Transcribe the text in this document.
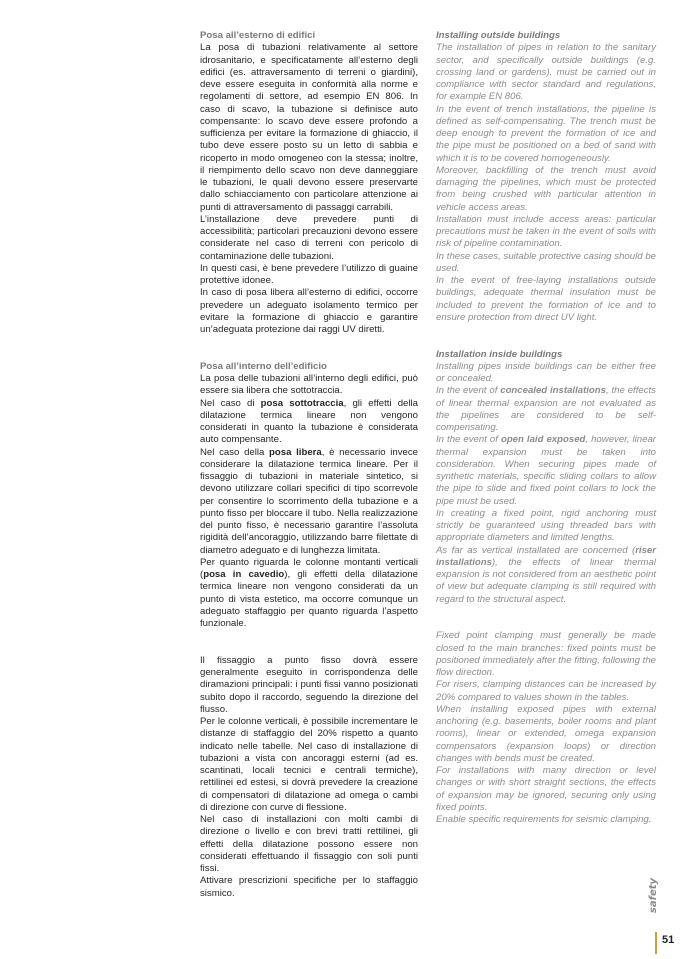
Posa all’esterno di edifici

La posa di tubazioni relativamente al settore idrosanitario, e specificatamente all’esterno degli edifici (es. attraversamento di terreni o giardini), deve essere eseguita in conformità alla norme e regolamenti di settore, ad esempio EN 806. In caso di scavo, la tubazione si definisce auto compensante: lo scavo deve essere profondo a sufficienza per evitare la formazione di ghiaccio, il tubo deve essere posto su un letto di sabbia e ricoperto in modo omogeneo con la stessa; inoltre, il riempimento dello scavo non deve danneggiare le tubazioni, le quali devono essere preservarte dallo schiacciamento con particolare attenzione ai punti di attraversamento di passaggi carrabili.

L’installazione deve prevedere punti di accessibilità; particolari precauzioni devono essere considerate nel caso di terreni con pericolo di contaminazione delle tubazioni.

In questi casi, è bene prevedere l’utilizzo di guaine protettive idonee.

In caso di posa libera all’esterno di edifici, occorre prevedere un adeguato isolamento termico per evitare la formazione di ghiaccio e garantire un’adeguata protezione dai raggi UV diretti.

Posa all’interno dell’edificio

La posa delle tubazioni all’interno degli edifici, può essere sia libera che sottotraccia.

Nel caso di posa sottotraccia, gli effetti della dilatazione termica lineare non vengono considerati in quanto la tubazione è considerata auto compensante.

Nel caso della posa libera, è necessario invece considerare la dilatazione termica lineare. Per il fissaggio di tubazioni in materiale sintetico, si devono utilizzare collari specifici di tipo scorrevole per consentire lo scorrimento della tubazione e a punto fisso per bloccare il tubo. Nella realizzazione del punto fisso, è necessario garantire l’assoluta rigidità dell’ancoraggio, utilizzando barre filettate di diametro adeguato e di lunghezza limitata.

Per quanto riguarda le colonne montanti verticali (posa in cavedio), gli effetti della dilatazione termica lineare non vengono considerati da un punto di vista estetico, ma occorre comunque un adeguato staffaggio per quanto riguarda l’aspetto funzionale.

Il fissaggio a punto fisso dovrà essere generalmente eseguito in corrispondenza delle diramazioni principali: i punti fissi vanno posizionati subito dopo il raccordo, seguendo la direzione del flusso.

Per le colonne verticali, è possibile incrementare le distanze di staffaggio del 20% rispetto a quanto indicato nelle tabelle. Nel caso di installazione di tubazioni a vista con ancoraggi esterni (ad es. scantinati, locali tecnici e centrali termiche), rettilinei ed estesi, si dovrà prevedere la creazione di compensatori di dilatazione ad omega o cambi di direzione con curve di flessione.

Nel caso di installazioni con molti cambi di direzione o livello e con brevi tratti rettilinei, gli effetti della dilatazione possono essere non considerati effettuando il fissaggio con soli punti fissi.

Attivare prescrizioni specifiche per lo staffaggio sismico.

Installing outside buildings

The installation of pipes in relation to the sanitary sector, and specifically outside buildings (e.g. crossing land or gardens), must be carried out in compliance with sector standard and regulations, for example EN 806.

In the event of trench installations, the pipeline is defined as self-compensating. The trench must be deep enough to prevent the formation of ice and the pipe must be positioned on a bed of sand with which it is to be covered homogeneously.

Moreover, backfilling of the trench must avoid damaging the pipelines, which must be protected from being crushed with particular attention in vehicle access areas.

Installation must include access areas: particular precautions must be taken in the event of soils with risk of pipeline contamination.

In these cases, suitable protective casing should be used.

In the event of free-laying installations outside buildings, adequate thermal insulation must be included to prevent the formation of ice and to ensure protection from direct UV light.

Installation inside buildings

Installing pipes inside buildings can be either free or concealed.

In the event of concealed installations, the effects of linear thermal expansion are not evaluated as the pipelines are considered to be self-compensating.

In the event of open laid exposed, however, linear thermal expansion must be taken into consideration. When securing pipes made of synthetic materials, specific sliding collars to allow the pipe to slide and fixed point collars to lock the pipe must be used.

In creating a fixed point, rigid anchoring must strictly be guaranteed using threaded bars with appropriate diameters and limited lengths.

As far as vertical installated are concerned (riser installations), the effects of linear thermal expansion is not considered from an aesthetic point of view but adequate clamping is still required with regard to the structural aspect.

Fixed point clamping must generally be made closed to the main branches: fixed points must be positioned immediately after the fitting, following the flow direction.

For risers, clamping distances can be increased by 20% compared to values shown in the tables.

When installing exposed pipes with external anchoring (e.g. basements, boiler rooms and plant rooms), linear or extended, omega expansion compensators (expansion loops) or direction changes with bends must be created.

For installations with many direction or level changes or with short straight sections, the effects of expansion may be ignored, securing only using fixed points.

Enable specific requirements for seismic clamping.

safety
51
